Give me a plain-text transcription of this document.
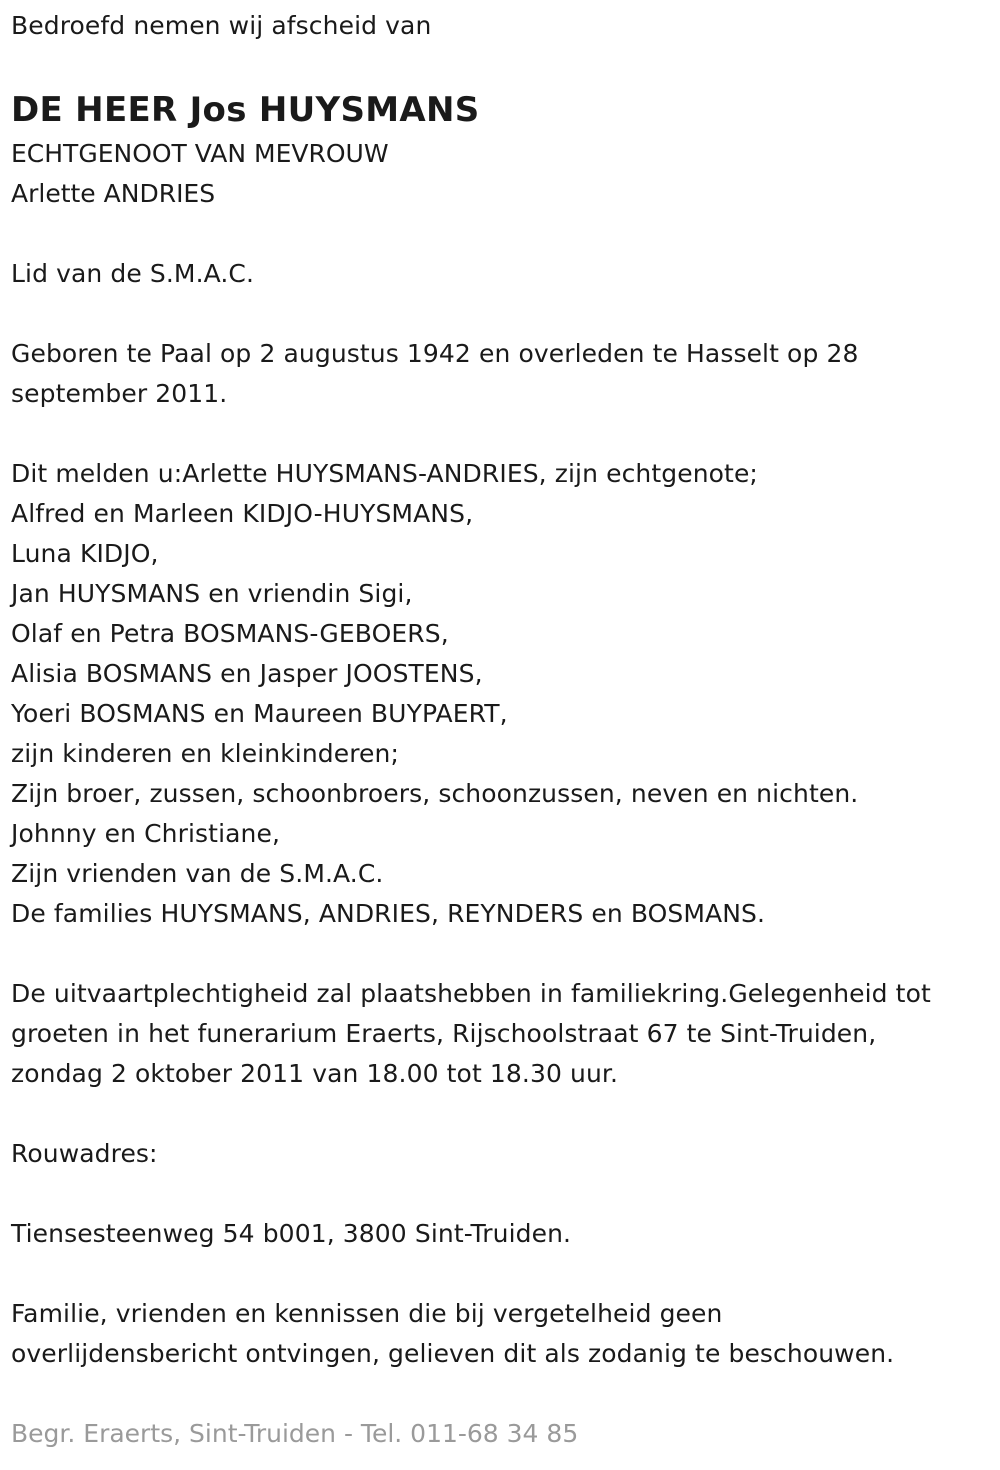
Bedroefd nemen wij afscheid van
DE HEER Jos HUYSMANS
ECHTGENOOT VAN MEVROUW
Arlette ANDRIES
Lid van de S.M.A.C.
Geboren te Paal op 2 augustus 1942 en overleden te Hasselt op 28
september 2011.
Dit melden u:Arlette HUYSMANS-ANDRIES, zijn echtgenote;
Alfred en Marleen KIDJO-HUYSMANS,
Luna KIDJO,
Jan HUYSMANS en vriendin Sigi,
Olaf en Petra BOSMANS-GEBOERS,
Alisia BOSMANS en Jasper JOOSTENS,
Yoeri BOSMANS en Maureen BUYPAERT,
zijn kinderen en kleinkinderen;
Zijn broer, zussen, schoonbroers, schoonzussen, neven en nichten.
Johnny en Christiane,
Zijn vrienden van de S.M.A.C.
De families HUYSMANS, ANDRIES, REYNDERS en BOSMANS.
De uitvaartplechtigheid zal plaatshebben in familiekring.Gelegenheid tot
groeten in het funerarium Eraerts, Rijschoolstraat 67 te Sint-Truiden,
zondag 2 oktober 2011 van 18.00 tot 18.30 uur.
Rouwadres:
Tiensesteenweg 54 b001, 3800 Sint-Truiden.
Familie, vrienden en kennissen die bij vergetelheid geen
overlijdensbericht ontvingen, gelieven dit als zodanig te beschouwen.
Begr. Eraerts, Sint-Truiden - Tel. 011-68 34 85
